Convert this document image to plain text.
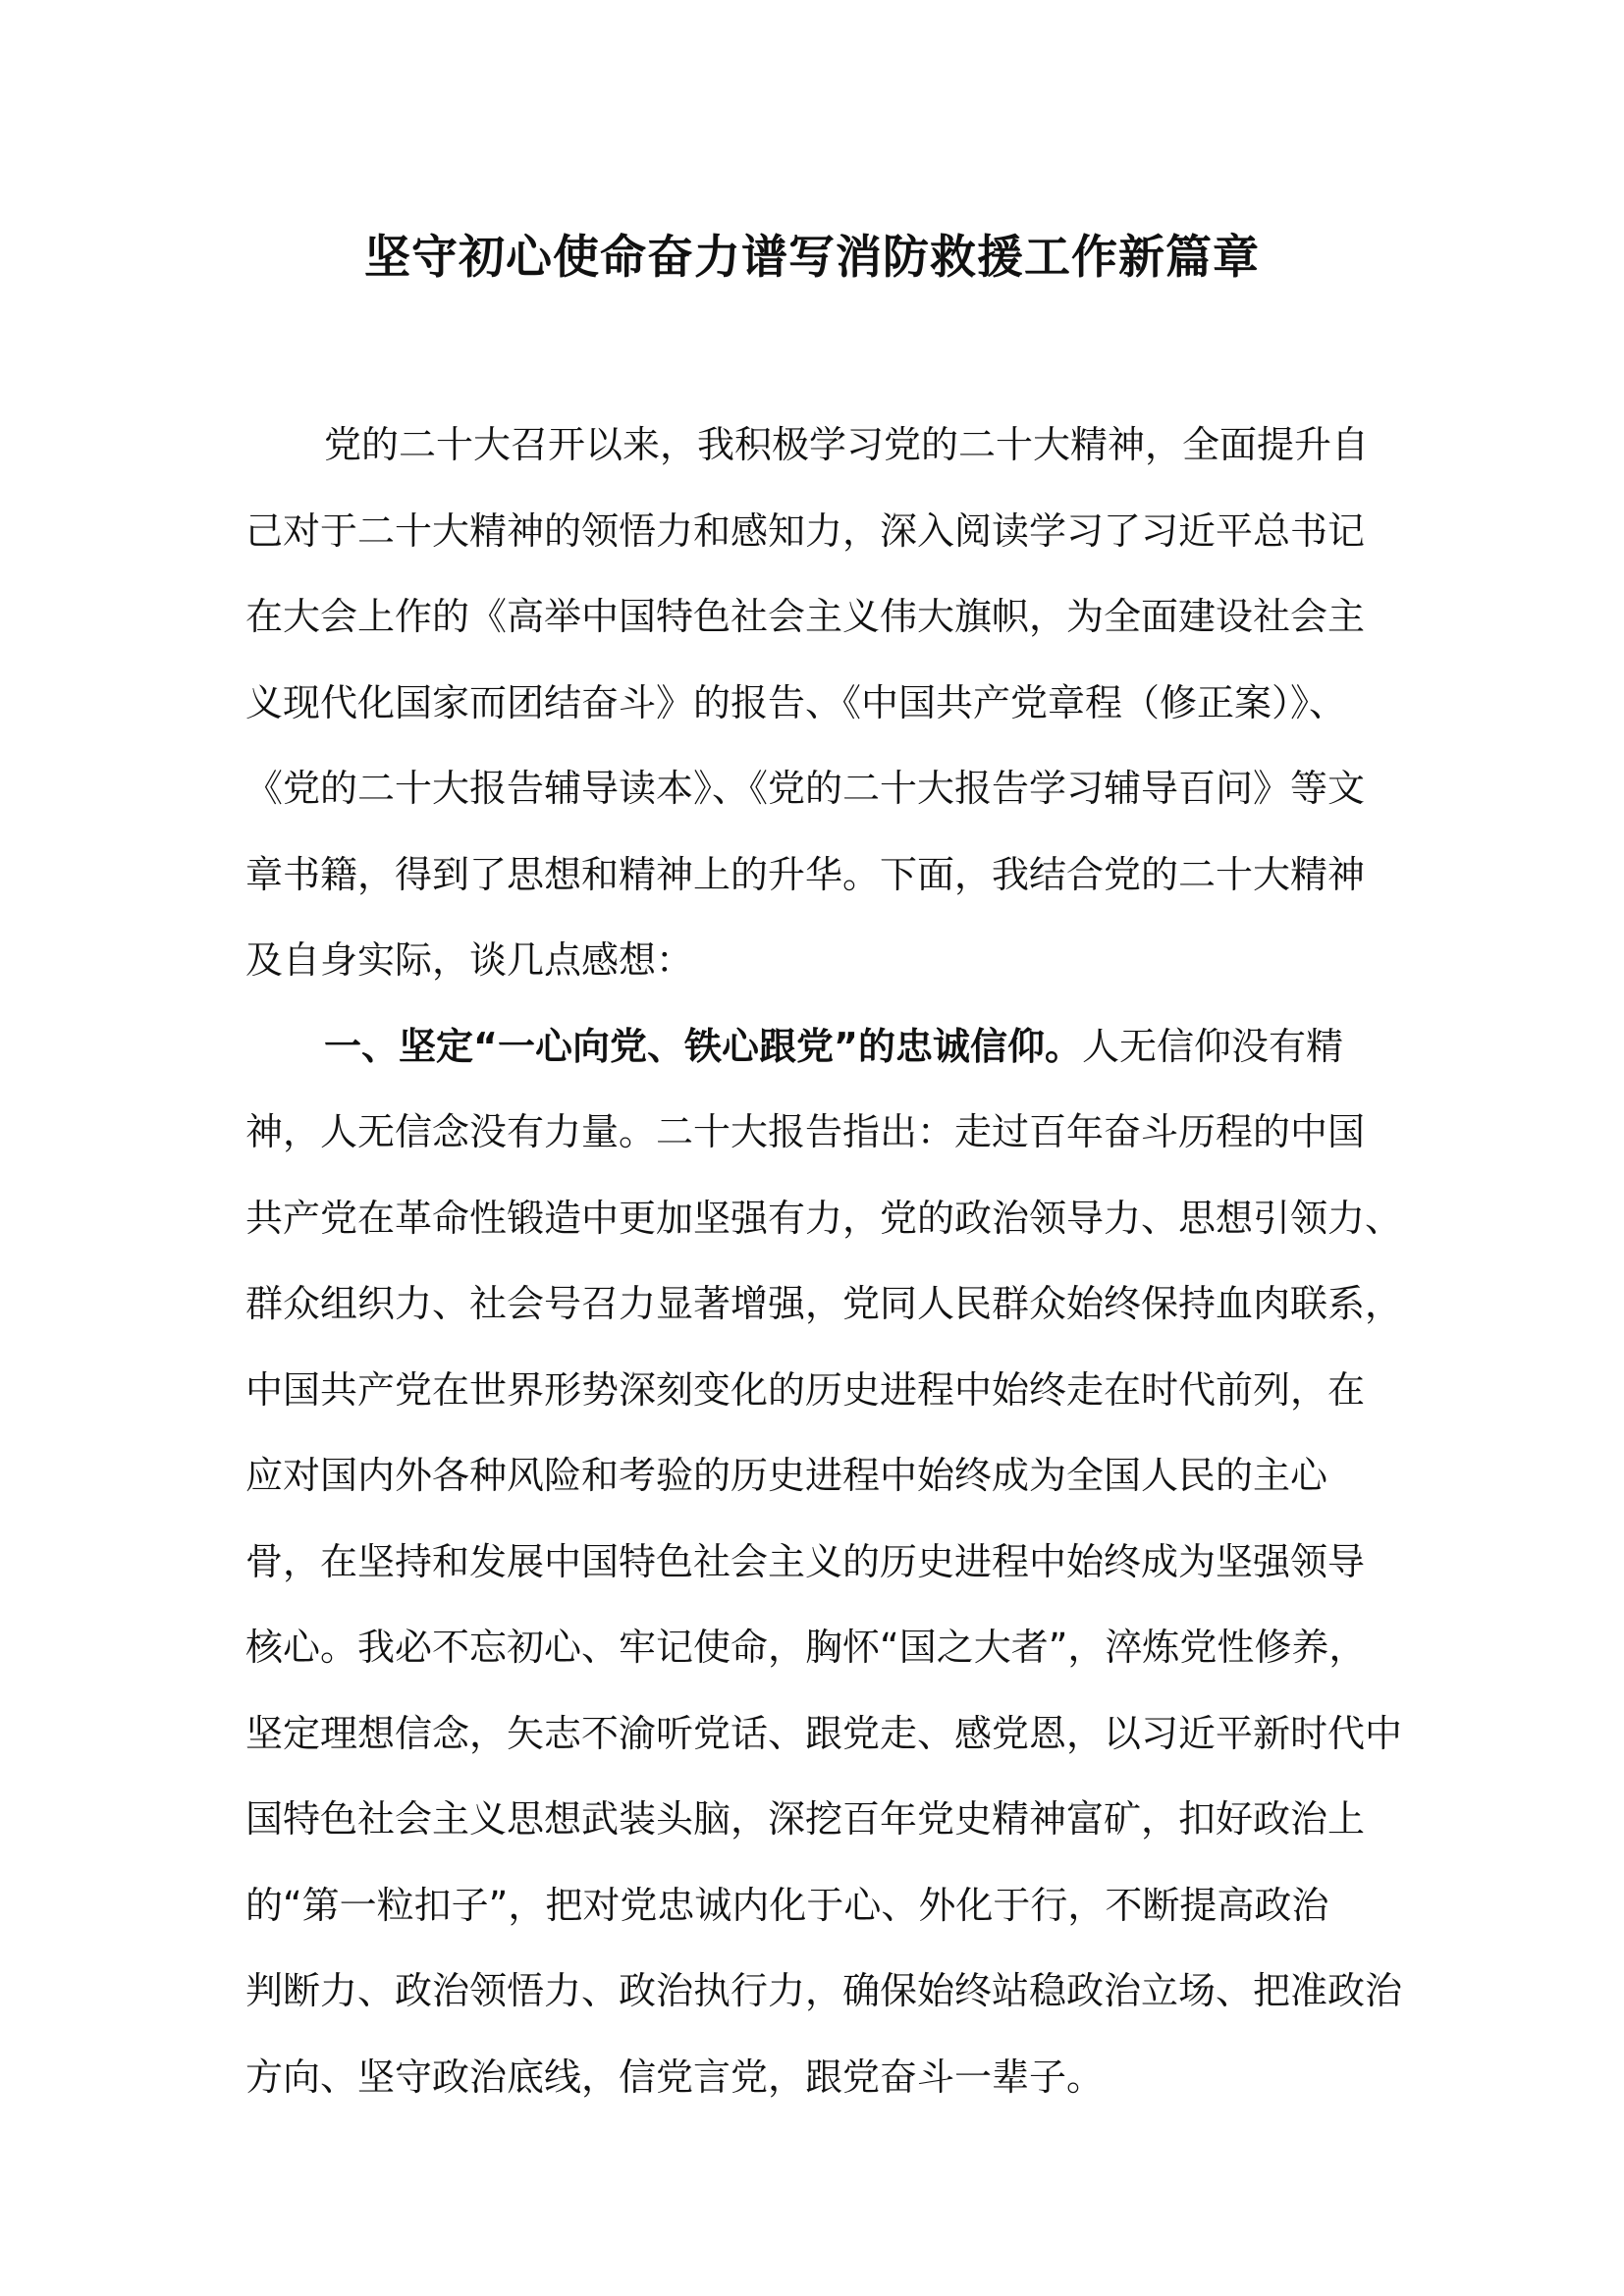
坚守初心使命奋力谱写消防救援工作新篇章
党的二十大召开以来，我积极学习党的二十大精神，全面提升自
己对于二十大精神的领悟力和感知力，深入阅读学习了习近平总书记
在大会上作的《高举中国特色社会主义伟大旗帜，为全面建设社会主
义现代化国家而团结奋斗》的报告、《中国共产党章程（修正案）》、
《党的二十大报告辅导读本》、《党的二十大报告学习辅导百问》等文
章书籍，得到了思想和精神上的升华。下面，我结合党的二十大精神
及自身实际，谈几点感想：
一、坚定“一心向党、铁心跟党”的忠诚信仰。人无信仰没有精
神，人无信念没有力量。二十大报告指出：走过百年奋斗历程的中国
共产党在革命性锻造中更加坚强有力，党的政治领导力、思想引领力、
群众组织力、社会号召力显著增强，党同人民群众始终保持血肉联系，
中国共产党在世界形势深刻变化的历史进程中始终走在时代前列，在
应对国内外各种风险和考验的历史进程中始终成为全国人民的主心
骨，在坚持和发展中国特色社会主义的历史进程中始终成为坚强领导
核心。我必不忘初心、牢记使命，胸怀“国之大者”，淬炼党性修养，
坚定理想信念，矢志不渝听党话、跟党走、感党恩，以习近平新时代中
国特色社会主义思想武装头脑，深挖百年党史精神富矿，扣好政治上
的“第一粒扣子”，把对党忠诚内化于心、外化于行，不断提高政治
判断力、政治领悟力、政治执行力，确保始终站稳政治立场、把准政治
方向、坚守政治底线，信党言党，跟党奋斗一辈子。
